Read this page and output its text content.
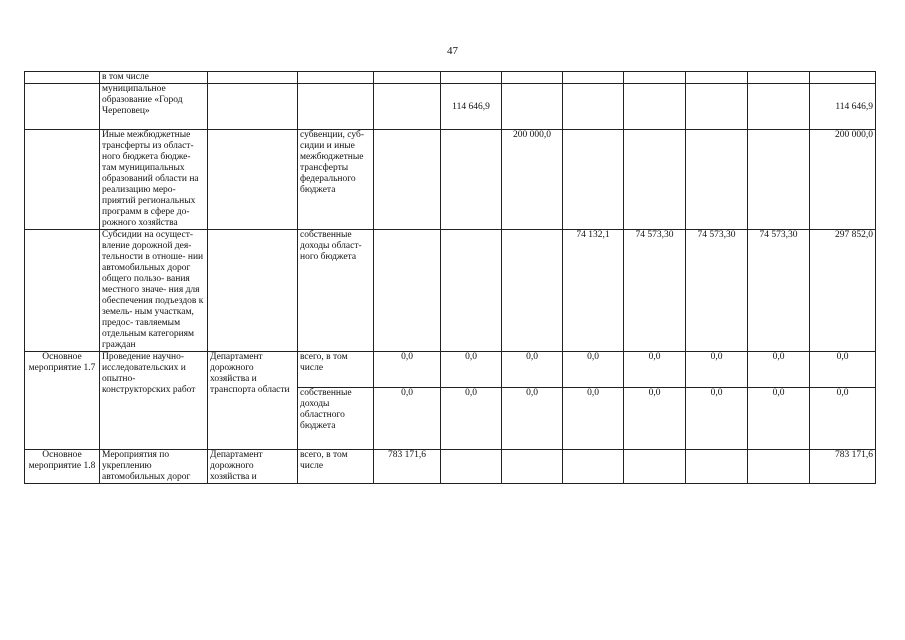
47
	в том числе										
	муниципальное образование «Город Череповец»				114 646,9						114 646,9
	Иные межбюджетные трансферты из област- ного бюджета бюдже- там муниципальных образований области на реализацию меро- приятий региональных программ в сфере до- рожного хозяйства		субвенции, суб- сидии и иные межбюджетные трансферты федерального бюджета			200 000,0					200 000,0
	Субсидии на осущест- вление дорожной дея- тельности в отноше- нии автомобильных дорог общего пользо- вания местного значе- ния для обеспечения подъездов к земель- ным участкам, предос- тавляемым отдельным категориям граждан		собственные доходы област- ного бюджета				74 132,1	74 573,30	74 573,30	74 573,30	297 852,0
Основное мероприятие 1.7	Проведение научно- исследовательских и опытно- конструкторских работ	Департамент дорожного хозяйства и транспорта области	всего, в том числе	0,0	0,0	0,0	0,0	0,0	0,0	0,0	0,0
			собственные доходы областного бюджета	0,0	0,0	0,0	0,0	0,0	0,0	0,0	0,0

Основное мероприятие 1.8	Мероприятия по укреплению автомобильных дорог	Департамент дорожного хозяйства и	всего, в том числе	783 171,6							783 171,6
